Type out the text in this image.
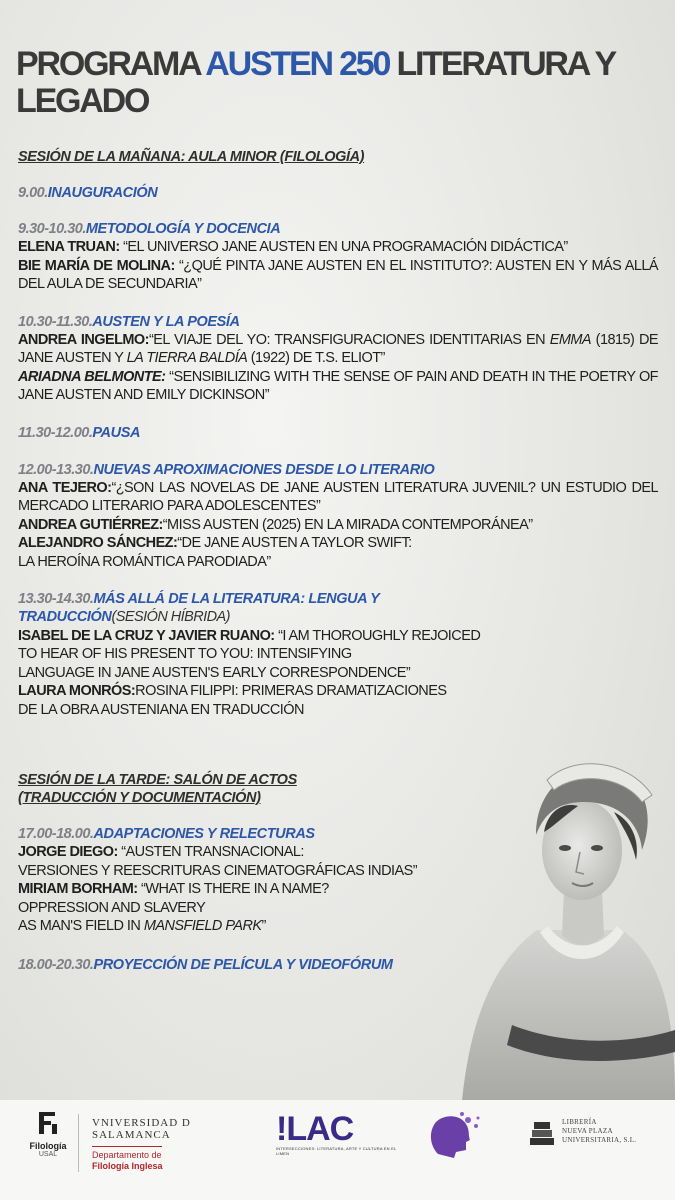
PROGRAMA AUSTEN 250 LITERATURA Y LEGADO
SESIÓN DE LA MAÑANA: AULA MINOR (FILOLOGÍA)
9.00.INAUGURACIÓN
9.30-10.30.METODOLOGÍA Y DOCENCIA
ELENA TRUAN: “EL UNIVERSO JANE AUSTEN EN UNA PROGRAMACIÓN DIDÁCTICA”
BIE MARÍA DE MOLINA: “¿QUÉ PINTA JANE AUSTEN EN EL INSTITUTO?: AUSTEN EN Y MÁS ALLÁ DEL AULA DE SECUNDARIA”
10.30-11.30.AUSTEN Y LA POESÍA
ANDREA INGELMO:“EL VIAJE DEL YO: TRANSFIGURACIONES IDENTITARIAS EN EMMA (1815) DE JANE AUSTEN Y LA TIERRA BALDÍA (1922) DE T.S. ELIOT”
ARIADNA BELMONTE: “SENSIBILIZING WITH THE SENSE OF PAIN AND DEATH IN THE POETRY OF JANE AUSTEN AND EMILY DICKINSON”
11.30-12.00.PAUSA
12.00-13.30.NUEVAS APROXIMACIONES DESDE LO LITERARIO
ANA TEJERO:“¿SON LAS NOVELAS DE JANE AUSTEN LITERATURA JUVENIL? UN ESTUDIO DEL MERCADO LITERARIO PARA ADOLESCENTES”
ANDREA GUTIÉRREZ:“MISS AUSTEN (2025) EN LA MIRADA CONTEMPORÁNEA”
ALEJANDRO SÁNCHEZ:“DE JANE AUSTEN A TAYLOR SWIFT:
LA HEROÍNA ROMÁNTICA PARODIADA”
13.30-14.30.MÁS ALLÁ DE LA LITERATURA: LENGUA Y
TRADUCCIÓN(SESIÓN HÍBRIDA)
ISABEL DE LA CRUZ Y JAVIER RUANO: “I AM THOROUGHLY REJOICED
TO HEAR OF HIS PRESENT TO YOU: INTENSIFYING
LANGUAGE IN JANE AUSTEN'S EARLY CORRESPONDENCE”
LAURA MONRÓS:ROSINA FILIPPI: PRIMERAS DRAMATIZACIONES
DE LA OBRA AUSTENIANA EN TRADUCCIÓN
SESIÓN DE LA TARDE: SALÓN DE ACTOS
(TRADUCCIÓN Y DOCUMENTACIÓN)
17.00-18.00.ADAPTACIONES Y RELECTURAS
JORGE DIEGO: “AUSTEN TRANSNACIONAL:
VERSIONES Y REESCRITURAS CINEMATOGRÁFICAS INDIAS”
MIRIAM BORHAM: “WHAT IS THERE IN A NAME?
OPPRESSION AND SLAVERY
AS MAN'S FIELD IN MANSFIELD PARK”
18.00-20.30.PROYECCIÓN DE PELÍCULA Y VIDEOFÓRUM
Filología
USAL
VNIVERSIDAD D SALAMANCA
Departamento de
Filología Inglesa
!LAC
INTERSECCIONES: LITERATURA, ARTE Y CULTURA EN EL LIMEN
LIBRERÍA
NUEVA PLAZA UNIVERSITARIA, S.L.
